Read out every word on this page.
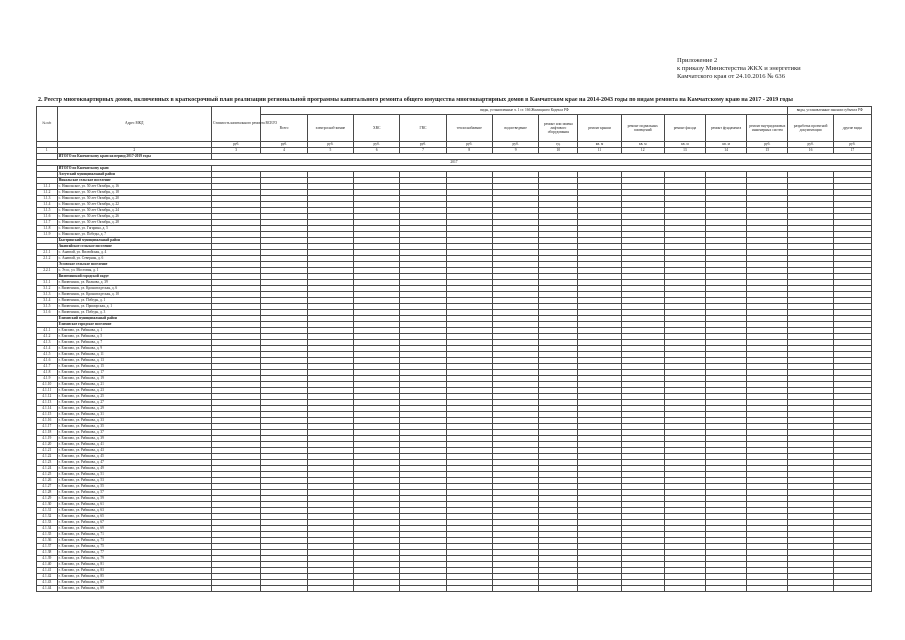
Приложение 2
к приказу Министерства ЖКХ и энергетики
Камчатского края от 24.10.2016 № 636
2. Реестр многоквартирных домов, включенных в краткосрочный план реализации региональной программы капитального ремонта общего имущества многоквартирных домов в Камчатском крае на 2014-2043 годы по видам ремонта на Камчатскому краю на 2017 - 2019 годы
№ п/п	Адрес МКД	Стоимость капитального ремонта ВСЕГО	виды, установленные ч. 1 ст. 166 Жилищного Кодекса РФ												виды, установленные законом субъекта РФ	
			Всего	электроснаб-жение	ХВС	ГВС	теплоснабжение	водоотведение	ремонт или замена лифтового оборудования	ремонт крыши	ремонт подвальных помещений	ремонт фасада	ремонт фундамента	ремонт внутридомовых инженерных систем	разработка проектной документации	другие виды
		руб.	руб.	руб.	руб.	руб.	руб.	руб.	ед.	кв. м	кв. м	кв. м	кв. м	руб.	руб.	руб.
1	2	3	4	5	6	7	8	9	10	11	12	13	14	15	16	17
	ИТОГО по Камчатскому краю на период 2017-2019 годы															
2017																
	ИТОГО по Камчатскому краю															
	Алеутский муниципальный район															
	Никольское сельское поселение															
1.1.1	с. Никольское, ул. 50 лет Октября, д. 16															
1.1.2	с. Никольское, ул. 50 лет Октября, д. 18															
1.1.3	с. Никольское, ул. 50 лет Октября, д. 20															
1.1.4	с. Никольское, ул. 50 лет Октября, д. 22															
1.1.5	с. Никольское, ул. 50 лет Октября, д. 24															
1.1.6	с. Никольское, ул. 50 лет Октября, д. 26															
1.1.7	с. Никольское, ул. 50 лет Октября, д. 28															
1.1.8	с. Никольское, ул. Гагарина, д. 5															
1.1.9	с. Никольское, ул. Победы, д. 7															
	Быстринский муниципальный район															
	Анавгайское сельское поселение															
2.1.1	с. Анавгай, ул. Вилюйская, д. 4															
2.1.2	с. Анавгай, ул. Северная, д. 6															
	Эссовское сельское поселение															
2.2.1	с. Эссо, ул. Мостовая, д. 1															
	Вилючинский городской округ															
3.1.1	г. Вилючинск, ул. Вилкова, д. 39															
3.1.2	г. Вилючинск, ул. Кронштадтская, д. 6															
3.1.3	г. Вилючинск, ул. Кронштадтская, д. 10															
3.1.4	г. Вилючинск, ул. Победы, д. 1															
3.1.5	г. Вилючинск, ул. Приморская, д. 1															
3.1.6	г. Вилючинск, ул. Победы, д. 3															
	Елизовский муниципальный район															
	Елизовское городское поселение															
4.1.1	г. Елизово, ул. Рябикова, д. 1															
4.1.2	г. Елизово, ул. Рябикова, д. 5															
4.1.3	г. Елизово, ул. Рябикова, д. 7															
4.1.4	г. Елизово, ул. Рябикова, д. 9															
4.1.5	г. Елизово, ул. Рябикова, д. 11															
4.1.6	г. Елизово, ул. Рябикова, д. 13															
4.1.7	г. Елизово, ул. Рябикова, д. 15															
4.1.8	г. Елизово, ул. Рябикова, д. 17															
4.1.9	г. Елизово, ул. Рябикова, д. 19															
4.1.10	г. Елизово, ул. Рябикова, д. 21															
4.1.11	г. Елизово, ул. Рябикова, д. 23															
4.1.12	г. Елизово, ул. Рябикова, д. 25															
4.1.13	г. Елизово, ул. Рябикова, д. 27															
4.1.14	г. Елизово, ул. Рябикова, д. 29															
4.1.15	г. Елизово, ул. Рябикова, д. 31															
4.1.16	г. Елизово, ул. Рябикова, д. 33															
4.1.17	г. Елизово, ул. Рябикова, д. 35															
4.1.18	г. Елизово, ул. Рябикова, д. 37															
4.1.19	г. Елизово, ул. Рябикова, д. 39															
4.1.20	г. Елизово, ул. Рябикова, д. 41															
4.1.21	г. Елизово, ул. Рябикова, д. 43															
4.1.22	г. Елизово, ул. Рябикова, д. 45															
4.1.23	г. Елизово, ул. Рябикова, д. 47															
4.1.24	г. Елизово, ул. Рябикова, д. 49															
4.1.25	г. Елизово, ул. Рябикова, д. 51															
4.1.26	г. Елизово, ул. Рябикова, д. 53															
4.1.27	г. Елизово, ул. Рябикова, д. 55															
4.1.28	г. Елизово, ул. Рябикова, д. 57															
4.1.29	г. Елизово, ул. Рябикова, д. 59															
4.1.30	г. Елизово, ул. Рябикова, д. 61															
4.1.31	г. Елизово, ул. Рябикова, д. 63															
4.1.32	г. Елизово, ул. Рябикова, д. 65															
4.1.33	г. Елизово, ул. Рябикова, д. 67															
4.1.34	г. Елизово, ул. Рябикова, д. 69															
4.1.35	г. Елизово, ул. Рябикова, д. 71															
4.1.36	г. Елизово, ул. Рябикова, д. 73															
4.1.37	г. Елизово, ул. Рябикова, д. 75															
4.1.38	г. Елизово, ул. Рябикова, д. 77															
4.1.39	г. Елизово, ул. Рябикова, д. 79															
4.1.40	г. Елизово, ул. Рябикова, д. 81															
4.1.41	г. Елизово, ул. Рябикова, д. 83															
4.1.42	г. Елизово, ул. Рябикова, д. 85															
4.1.43	г. Елизово, ул. Рябикова, д. 87															
4.1.44	г. Елизово, ул. Рябикова, д. 89															
